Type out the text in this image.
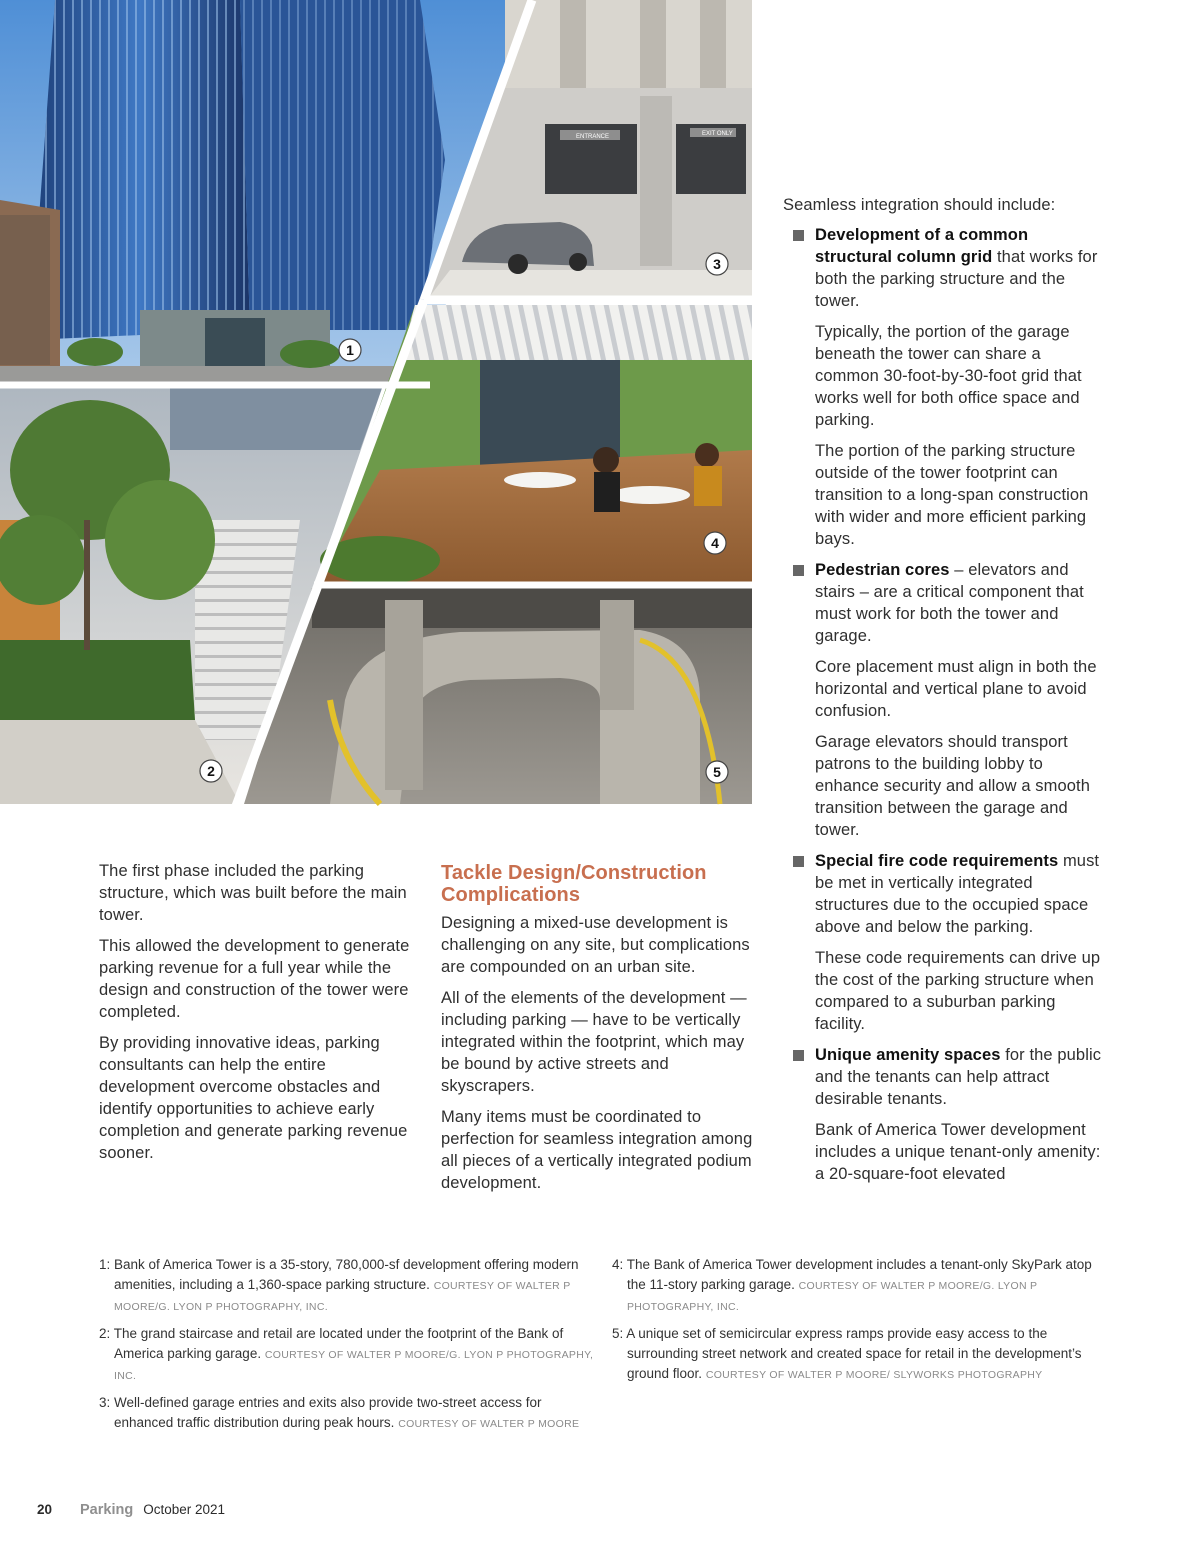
ENTRANCE	EXIT ONLY
1
2
3
4
5

The first phase included the parking structure, which was built before the main tower.

This allowed the development to generate parking revenue for a full year while the design and construction of the tower were completed.

By providing innovative ideas, parking consultants can help the entire development overcome obstacles and identify opportunities to achieve early completion and generate parking revenue sooner.

Tackle Design/Construction Complications

Designing a mixed-use development is challenging on any site, but complications are compounded on an urban site.

All of the elements of the development — including parking — have to be vertically integrated within the footprint, which may be bound by active streets and skyscrapers.

Many items must be coordinated to perfection for seamless integration among all pieces of a vertically integrated podium development.

Seamless integration should include:

Development of a common structural column grid that works for both the parking structure and the tower.

Typically, the portion of the garage beneath the tower can share a common 30-foot-by-30-foot grid that works well for both office space and parking.

The portion of the parking structure outside of the tower footprint can transition to a long-span construction with wider and more efficient parking bays.

Pedestrian cores – elevators and stairs – are a critical component that must work for both the tower and garage.

Core placement must align in both the horizontal and vertical plane to avoid confusion.

Garage elevators should transport patrons to the building lobby to enhance security and allow a smooth transition between the garage and tower.

Special fire code requirements must be met in vertically integrated structures due to the occupied space above and below the parking.

These code requirements can drive up the cost of the parking structure when compared to a suburban parking facility.

Unique amenity spaces for the public and the tenants can help attract desirable tenants.

Bank of America Tower development includes a unique tenant-only amenity: a 20-square-foot elevated

1: Bank of America Tower is a 35-story, 780,000-sf development offering modern amenities, including a 1,360-space parking structure. COURTESY OF WALTER P MOORE/G. LYON P PHOTOGRAPHY, INC.

2: The grand staircase and retail are located under the footprint of the Bank of America parking garage. COURTESY OF WALTER P MOORE/G. LYON P PHOTOGRAPHY, INC.

3: Well-defined garage entries and exits also provide two-street access for enhanced traffic distribution during peak hours. COURTESY OF WALTER P MOORE

4: The Bank of America Tower development includes a tenant-only SkyPark atop the 11-story parking garage. COURTESY OF WALTER P MOORE/G. LYON P PHOTOGRAPHY, INC.

5: A unique set of semicircular express ramps provide easy access to the surrounding street network and created space for retail in the development’s ground floor. COURTESY OF WALTER P MOORE/ SLYWORKS PHOTOGRAPHY

20	Parking October 2021
